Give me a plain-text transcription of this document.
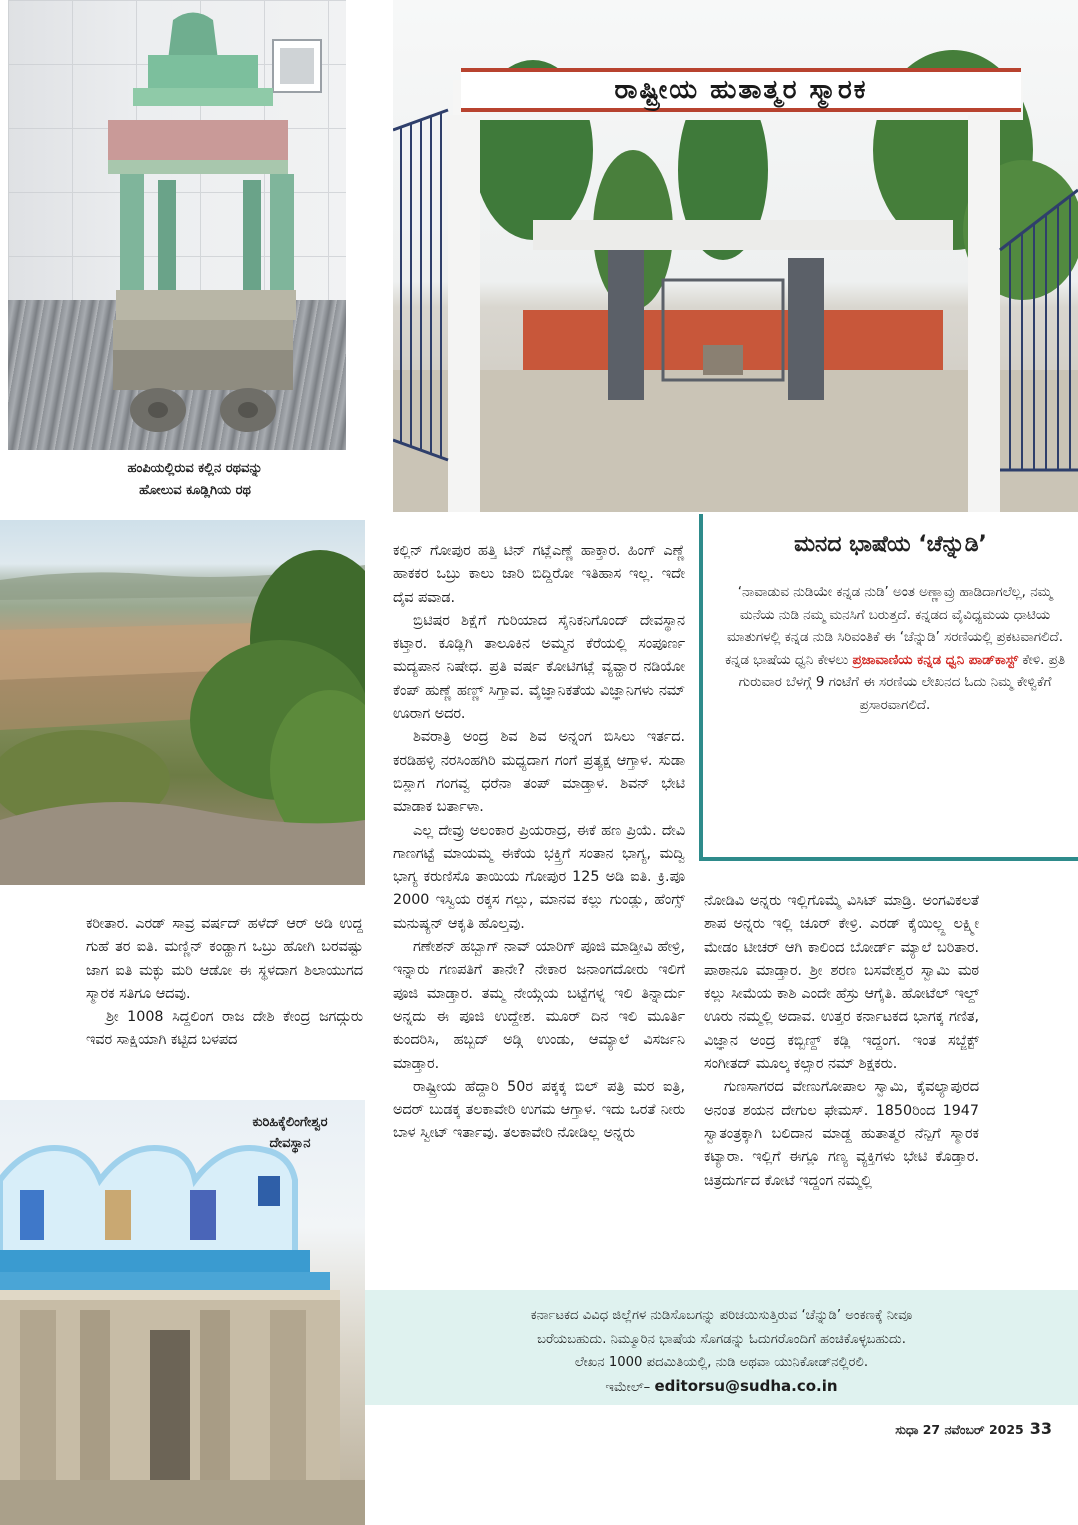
ಹಂಪಿಯಲ್ಲಿರುವ ಕಲ್ಲಿನ ರಥವನ್ನು
ಹೋಲುವ ಕೂಡ್ಲಿಗಿಯ ರಥ

ಕರೀತಾರ. ಎರಡ್ ಸಾವ್ರ ವರ್ಷದ್ ಹಳೆದ್ ಆರ್ ಅಡಿ ಉದ್ದ ಗುಹೆ ತರ ಐತಿ. ಮಣ್ಣಿನ್ ಕಂಡ್ಹಾಗ ಒಬ್ರು ಹೋಗಿ ಬರವಷ್ಟು ಜಾಗ ಐತಿ ಮಕ್ಳು ಮರಿ ಆಡೋ ಈ ಸ್ಥಳದಾಗ ಶಿಲಾಯುಗದ ಸ್ಮಾರಕ ಸತಿಗೂ ಆದವು.

ಶ್ರೀ 1008 ಸಿದ್ದಲಿಂಗ ರಾಜ ದೇಶಿ ಕೇಂದ್ರ ಜಗದ್ಗುರು ಇವರ ಸಾಕ್ಷಿಯಾಗಿ ಕಟ್ಟಿದ ಬಳಪದ

ಕುರಿಹಿಕ್ಕೆಲಿಂಗೇಶ್ವರ
ದೇವಸ್ಥಾನ
ರಾಷ್ಟ್ರೀಯ ಹುತಾತ್ಮರ ಸ್ಮಾರಕ

ಕಲ್ಲಿನ್ ಗೋಪುರ ಹತ್ತಿ ಟಿನ್ ಗಟ್ಲೆಎಣ್ಣೆ ಹಾಕ್ತಾರ. ಹಿಂಗ್ ಎಣ್ಣೆ ಹಾಕಕರ ಒಬ್ರು ಕಾಲು ಜಾರಿ ಬಿದ್ದಿರೋ ಇತಿಹಾಸ ಇಲ್ಲ. ಇದೇ ದೈವ ಪವಾಡ.

ಬ್ರಿಟಿಷರ ಶಿಕ್ಷೆಗೆ ಗುರಿಯಾದ ಸೈನಿಕನಿಗೊಂದ್ ದೇವಸ್ಥಾನ ಕಟ್ತಾರ. ಕೂಡ್ಲಿಗಿ ತಾಲೂಕಿನ ಅಮ್ಮನ ಕೆರೆಯಲ್ಲಿ ಸಂಪೂರ್ಣ ಮದ್ಯಪಾನ ನಿಷೇಧ. ಪ್ರತಿ ವರ್ಷ ಕೋಟಿಗಟ್ಲೆ ವ್ಯವ್ಹಾರ ನಡಿಯೋ ಕೆಂಪ್ ಹುಣ್ಣೆ ಹಣ್ಣ್ ಸಿಗ್ತಾವ. ವೈಜ್ಞಾನಿಕತೆಯ ವಿಜ್ಞಾನಿಗಳು ನಮ್ ಊರಾಗ ಅದರ.

ಶಿವರಾತ್ರಿ ಅಂದ್ರ ಶಿವ ಶಿವ ಅನ್ನಂಗ ಬಿಸಿಲು ಇರ್ತದ. ಕರಡಿಹಳ್ಳಿ ನರಸಿಂಹಗಿರಿ ಮಧ್ಯದಾಗ ಗಂಗೆ ಪ್ರತ್ಯಕ್ಷ ಆಗ್ತಾಳ. ಸುಡಾ ಬಿಸ್ಲಾಗ ಗಂಗವ್ವ ಧರೆನಾ ತಂಪ್ ಮಾಡ್ತಾಳ. ಶಿವನ್ ಭೇಟಿ ಮಾಡಾಕ ಬರ್ತಾಳಾ.

ಎಲ್ಲ ದೇವ್ರು ಅಲಂಕಾರ ಪ್ರಿಯರಾದ್ರ, ಈಕೆ ಹಣ ಪ್ರಿಯೆ. ದೇವಿ ಗಾಣಗಟ್ಟೆ ಮಾಯಮ್ಮ ಈಕೆಯ ಭಕ್ತ್ರಿಗೆ ಸಂತಾನ ಭಾಗ್ಯ, ಮದ್ವಿ ಭಾಗ್ಯ ಕರುಣಿಸೊ ತಾಯಿಯ ಗೋಪುರ 125 ಅಡಿ ಐತಿ. ಕ್ರಿ.ಪೂ 2000 ಇಸ್ವಿಯ ರಕ್ಕಸ ಗಲ್ಲು, ಮಾನವ ಕಲ್ಲು ಗುಂಡ್ಲು, ಹೆಂಗ್ಸ್ ಮನುಷ್ಯನ್ ಆಕೃತಿ ಹೊಲ್ತವು.

ಗಣೇಶನ್ ಹಬ್ಬಾಗ್ ನಾವ್ ಯಾರಿಗ್ ಪೂಜಿ ಮಾಡ್ತೀವಿ ಹೇಳ್ರಿ, ಇನ್ನಾರು ಗಣಪತಿಗೆ ತಾನೇ? ನೇಕಾರ ಜನಾಂಗದೋರು ಇಲಿಗೆ ಪೂಜಿ ಮಾಡ್ತಾರ. ತಮ್ಮ ನೇಯ್ಗೆಯ ಬಟ್ಟೆಗಳ್ನ ಇಲಿ ತಿನ್ನಾರ್ದು ಅನ್ನದು ಈ ಪೂಜಿ ಉದ್ದೇಶ. ಮೂರ್ ದಿನ ಇಲಿ ಮೂರ್ತಿ ಕುಂದರಿಸಿ, ಹಬ್ಬದ್ ಅಡ್ಗಿ ಉಂಡು, ಆಮ್ಯಾಲೆ ವಿಸರ್ಜನಿ ಮಾಡ್ತಾರ.

ರಾಷ್ಟ್ರೀಯ ಹೆದ್ದಾರಿ 50ರ ಪಕ್ಕಕ್ಕ ಬಿಲ್ ಪತ್ರಿ ಮರ ಐತ್ರಿ, ಅದರ್ ಬುಡಕ್ಕ ತಲಕಾವೇರಿ ಉಗಮ ಆಗ್ತಾಳ. ಇದು ಒರತೆ ನೀರು ಬಾಳ ಸ್ವೀಟ್ ಇರ್ತಾವು. ತಲಕಾವೇರಿ ನೋಡಿಲ್ಲ ಅನ್ನರು

ಮನದ ಭಾಷೆಯ ‘ಚೆನ್ನುಡಿ’
‘ನಾವಾಡುವ ನುಡಿಯೇ ಕನ್ನಡ ನುಡಿ’ ಅಂತ ಅಣ್ಣಾವ್ರು ಹಾಡಿದಾಗಲೆಲ್ಲ, ನಮ್ಮ ಮನೆಯ ನುಡಿ ನಮ್ಮ ಮನಸಿಗೆ ಬರುತ್ತದೆ. ಕನ್ನಡದ ವೈವಿಧ್ಯಮಯ ಧಾಟಿಯ ಮಾತುಗಳಲ್ಲಿ ಕನ್ನಡ ನುಡಿ ಸಿರಿವಂತಿಕೆ ಈ ‘ಚೆನ್ನುಡಿ’ ಸರಣಿಯಲ್ಲಿ ಪ್ರಕಟವಾಗಲಿದೆ. ಕನ್ನಡ ಭಾಷೆಯ ಧ್ವನಿ ಕೇಳಲು ಪ್ರಜಾವಾಣಿಯ ಕನ್ನಡ ಧ್ವನಿ ಪಾಡ್‌ಕಾಸ್ಟ್ ಕೇಳಿ. ಪ್ರತಿ ಗುರುವಾರ ಬೆಳಗ್ಗೆ 9 ಗಂಟೆಗೆ ಈ ಸರಣಿಯ ಲೇಖನದ ಓದು ನಿಮ್ಮ ಕೇಳ್ವಿಕೆಗೆ ಪ್ರಸಾರವಾಗಲಿದೆ.

ನೋಡಿವಿ ಅನ್ನರು ಇಲ್ಲಿಗೊಮ್ಮೆ ವಿಸಿಟ್ ಮಾಡ್ರಿ. ಅಂಗವಿಕಲತೆ ಶಾಪ ಅನ್ನರು ಇಲ್ಲಿ ಚೂರ್ ಕೇಳ್ರಿ. ಎರಡ್ ಕೈಯಿಲ್ಲ್ದ ಲಕ್ಷ್ಮೀ ಮೇಡಂ ಟೀಚರ್ ಆಗಿ ಕಾಲಿಂದ ಬೋರ್ಡ್ ಮ್ಯಾಲೆ ಬರಿತಾರ. ಪಾಠಾನೂ ಮಾಡ್ತಾರ. ಶ್ರೀ ಶರಣ ಬಸವೇಶ್ವರ ಸ್ವಾಮಿ ಮಠ ಕಲ್ಲು ಸೀಮೆಯ ಕಾಶಿ ಎಂದೇ ಹೆಸ್ರು ಆಗೈತಿ. ಹೋಟೆಲ್ ಇಲ್ದ್ ಊರು ನಮ್ಮಲ್ಲಿ ಅದಾವ. ಉತ್ತರ ಕರ್ನಾಟಕದ ಭಾಗಕ್ಕ ಗಣಿತ, ವಿಜ್ಞಾನ ಅಂದ್ರ ಕಬ್ಬಿಣ್ದ್ ಕಡ್ಲಿ ಇದ್ದಂಗ. ಇಂತ ಸಬ್ಜೆಕ್ಟ್ ಸಂಗೀತದ್ ಮೂಲ್ಕ ಕಲ್ಸಾರ ನಮ್ ಶಿಕ್ಷಕರು.

ಗುಣಸಾಗರದ ವೇಣುಗೋಪಾಲ ಸ್ವಾಮಿ, ಕೈವಲ್ಯಾಪುರದ ಅನಂತ ಶಯನ ದೇಗುಲ ಫೇಮಸ್. 1850ರಿಂದ 1947 ಸ್ವಾತಂತ್ರಕ್ಕಾಗಿ ಬಲಿದಾನ ಮಾಡ್ದ ಹುತಾತ್ಮರ ನೆನ್ಪಿಗೆ ಸ್ಮಾರಕ ಕಟ್ಯಾರಾ. ಇಲ್ಲಿಗೆ ಈಗ್ಲೂ ಗಣ್ಯ ವ್ಯಕ್ತಿಗಳು ಭೇಟಿ ಕೊಡ್ತಾರ. ಚಿತ್ರದುರ್ಗದ ಕೋಟೆ ಇದ್ದಂಗ ನಮ್ಮಲ್ಲಿ

ಕರ್ನಾಟಕದ ವಿವಿಧ ಜಿಲ್ಲೆಗಳ ನುಡಿಸೊಬಗನ್ನು ಪರಿಚಯಿಸುತ್ತಿರುವ ‘ಚೆನ್ನುಡಿ’ ಅಂಕಣಕ್ಕೆ ನೀವೂ
ಬರೆಯಬಹುದು. ನಿಮ್ಮೂರಿನ ಭಾಷೆಯ ಸೊಗಡನ್ನು ಓದುಗರೊಂದಿಗೆ ಹಂಚಿಕೊಳ್ಳಬಹುದು.
ಲೇಖನ 1000 ಪದಮಿತಿಯಲ್ಲಿ, ನುಡಿ ಅಥವಾ ಯುನಿಕೋಡ್‌ನಲ್ಲಿರಲಿ.
ಇಮೇಲ್– editorsu@sudha.co.in
ಸುಧಾ 27 ನವೆಂಬರ್ 2025 33
